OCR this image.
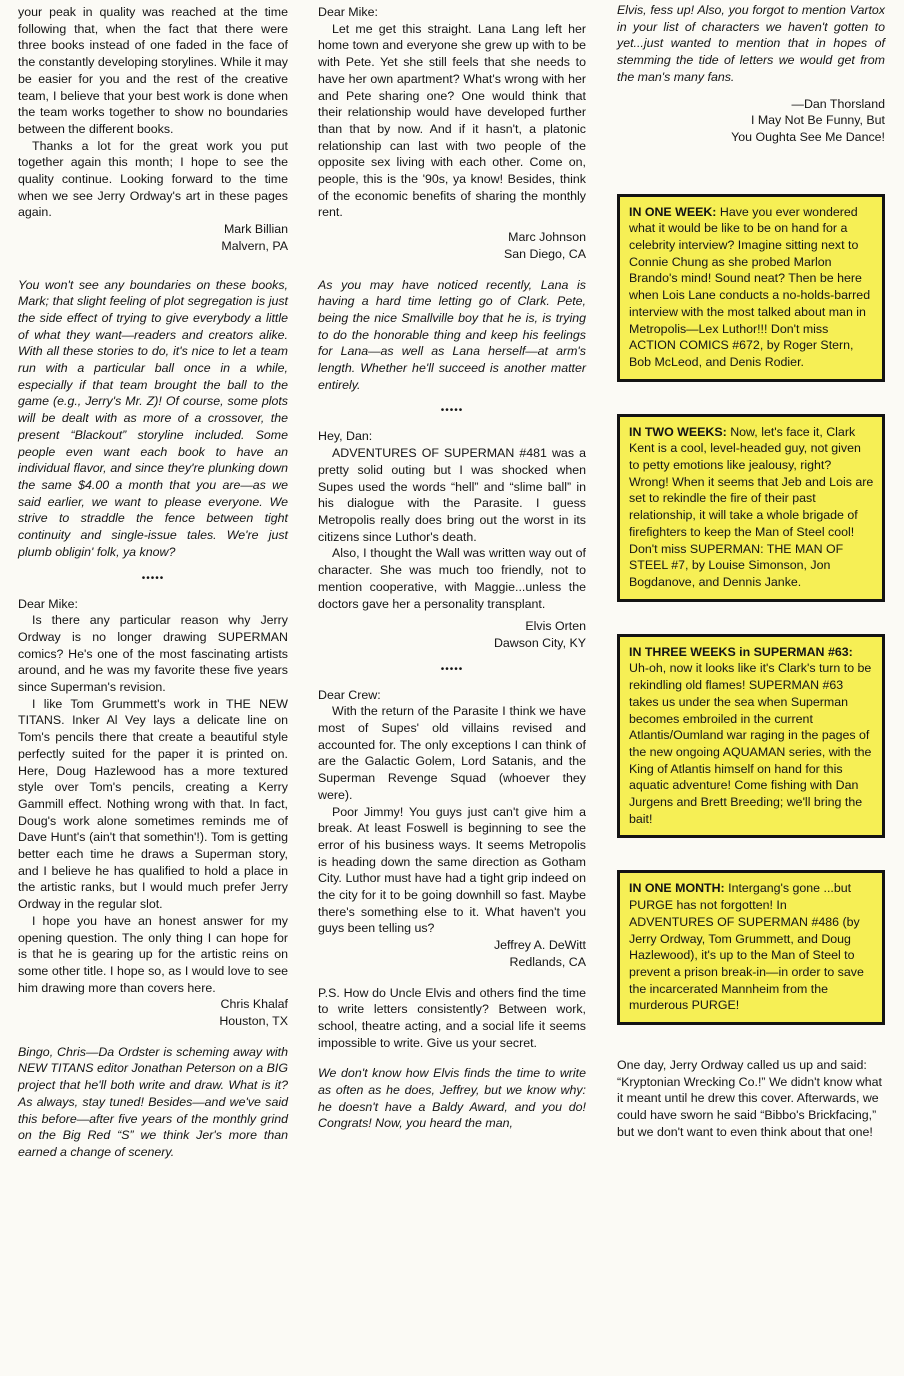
your peak in quality was reached at the time following that, when the fact that there were three books instead of one faded in the face of the constantly developing storylines. While it may be easier for you and the rest of the creative team, I believe that your best work is done when the team works together to show no boundaries between the different books.

Thanks a lot for the great work you put together again this month; I hope to see the quality continue. Looking forward to the time when we see Jerry Ordway's art in these pages again.

Mark Billian

Malvern, PA

You won't see any boundaries on these books, Mark; that slight feeling of plot segregation is just the side effect of trying to give everybody a little of what they want—readers and creators alike. With all these stories to do, it's nice to let a team run with a particular ball once in a while, especially if that team brought the ball to the game (e.g., Jerry's Mr. Z)! Of course, some plots will be dealt with as more of a crossover, the present “Blackout” storyline included. Some people even want each book to have an individual flavor, and since they're plunking down the same $4.00 a month that you are—as we said earlier, we want to please everyone. We strive to straddle the fence between tight continuity and single-issue tales. We're just plumb obligin' folk, ya know?

•••••

Dear Mike:

Is there any particular reason why Jerry Ordway is no longer drawing SUPERMAN comics? He's one of the most fascinating artists around, and he was my favorite these five years since Superman's revision.

I like Tom Grummett's work in THE NEW TITANS. Inker Al Vey lays a delicate line on Tom's pencils there that create a beautiful style perfectly suited for the paper it is printed on. Here, Doug Hazlewood has a more textured style over Tom's pencils, creating a Kerry Gammill effect. Nothing wrong with that. In fact, Doug's work alone sometimes reminds me of Dave Hunt's (ain't that somethin'!). Tom is getting better each time he draws a Superman story, and I believe he has qualified to hold a place in the artistic ranks, but I would much prefer Jerry Ordway in the regular slot.

I hope you have an honest answer for my opening question. The only thing I can hope for is that he is gearing up for the artistic reins on some other title. I hope so, as I would love to see him drawing more than covers here.

Chris Khalaf

Houston, TX

Bingo, Chris—Da Ordster is scheming away with NEW TITANS editor Jonathan Peterson on a BIG project that he'll both write and draw. What is it? As always, stay tuned! Besides—and we've said this before—after five years of the monthly grind on the Big Red “S” we think Jer's more than earned a change of scenery.

Dear Mike:

Let me get this straight. Lana Lang left her home town and everyone she grew up with to be with Pete. Yet she still feels that she needs to have her own apartment? What's wrong with her and Pete sharing one? One would think that their relationship would have developed further than that by now. And if it hasn't, a platonic relationship can last with two people of the opposite sex living with each other. Come on, people, this is the '90s, ya know! Besides, think of the economic benefits of sharing the monthly rent.

Marc Johnson

San Diego, CA

As you may have noticed recently, Lana is having a hard time letting go of Clark. Pete, being the nice Smallville boy that he is, is trying to do the honorable thing and keep his feelings for Lana—as well as Lana herself—at arm's length. Whether he'll succeed is another matter entirely.

•••••

Hey, Dan:

ADVENTURES OF SUPERMAN #481 was a pretty solid outing but I was shocked when Supes used the words “hell” and “slime ball” in his dialogue with the Parasite. I guess Metropolis really does bring out the worst in its citizens since Luthor's death.

Also, I thought the Wall was written way out of character. She was much too friendly, not to mention cooperative, with Maggie...unless the doctors gave her a personality transplant.

Elvis Orten

Dawson City, KY

•••••

Dear Crew:

With the return of the Parasite I think we have most of Supes' old villains revised and accounted for. The only exceptions I can think of are the Galactic Golem, Lord Satanis, and the Superman Revenge Squad (whoever they were).

Poor Jimmy! You guys just can't give him a break. At least Foswell is beginning to see the error of his business ways. It seems Metropolis is heading down the same direction as Gotham City. Luthor must have had a tight grip indeed on the city for it to be going downhill so fast. Maybe there's something else to it. What haven't you guys been telling us?

Jeffrey A. DeWitt

Redlands, CA

P.S. How do Uncle Elvis and others find the time to write letters consistently? Between work, school, theatre acting, and a social life it seems impossible to write. Give us your secret.

We don't know how Elvis finds the time to write as often as he does, Jeffrey, but we know why: he doesn't have a Baldy Award, and you do! Congrats! Now, you heard the man,

Elvis, fess up! Also, you forgot to mention Vartox in your list of characters we haven't gotten to yet...just wanted to mention that in hopes of stemming the tide of letters we would get from the man's many fans.

—Dan Thorsland

I May Not Be Funny, But

You Oughta See Me Dance!

IN ONE WEEK: Have you ever wondered what it would be like to be on hand for a celebrity interview? Imagine sitting next to Connie Chung as she probed Marlon Brando's mind! Sound neat? Then be here when Lois Lane conducts a no-holds-barred interview with the most talked about man in Metropolis—Lex Luthor!!! Don't miss ACTION COMICS #672, by Roger Stern, Bob McLeod, and Denis Rodier.

IN TWO WEEKS: Now, let's face it, Clark Kent is a cool, level-headed guy, not given to petty emotions like jealousy, right? Wrong! When it seems that Jeb and Lois are set to rekindle the fire of their past relationship, it will take a whole brigade of firefighters to keep the Man of Steel cool! Don't miss SUPERMAN: THE MAN OF STEEL #7, by Louise Simonson, Jon Bogdanove, and Dennis Janke.

IN THREE WEEKS in SUPERMAN #63: Uh-oh, now it looks like it's Clark's turn to be rekindling old flames! SUPERMAN #63 takes us under the sea when Superman becomes embroiled in the current Atlantis/Oumland war raging in the pages of the new ongoing AQUAMAN series, with the King of Atlantis himself on hand for this aquatic adventure! Come fishing with Dan Jurgens and Brett Breeding; we'll bring the bait!

IN ONE MONTH: Intergang's gone ...but PURGE has not forgotten! In ADVENTURES OF SUPERMAN #486 (by Jerry Ordway, Tom Grummett, and Doug Hazlewood), it's up to the Man of Steel to prevent a prison break-in—in order to save the incarcerated Mannheim from the murderous PURGE!

One day, Jerry Ordway called us up and said: “Kryptonian Wrecking Co.!” We didn't know what it meant until he drew this cover. Afterwards, we could have sworn he said “Bibbo's Brickfacing,” but we don't want to even think about that one!
